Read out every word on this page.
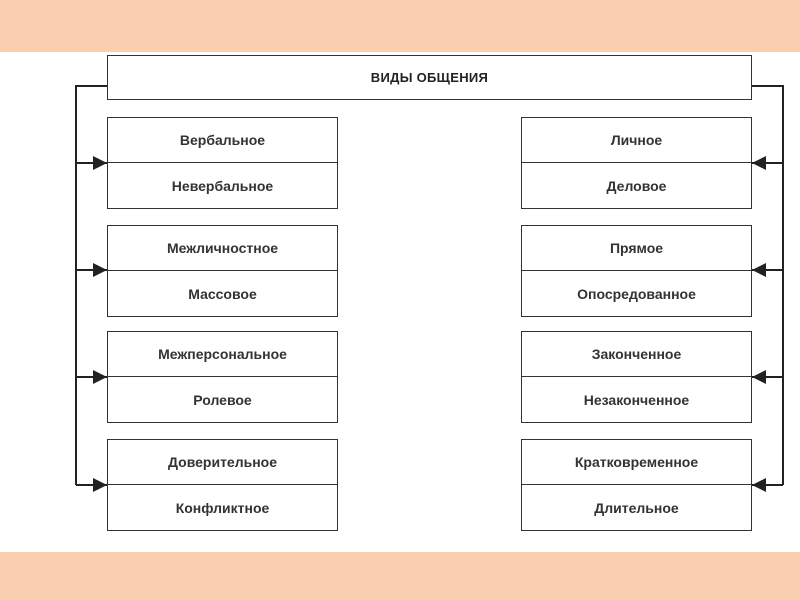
ВИДЫ ОБЩЕНИЯ
Вербальное
Невербальное
Межличностное
Массовое
Межперсональное
Ролевое
Доверительное
Конфликтное
Личное
Деловое
Прямое
Опосредованное
Законченное
Незаконченное
Кратковременное
Длительное
